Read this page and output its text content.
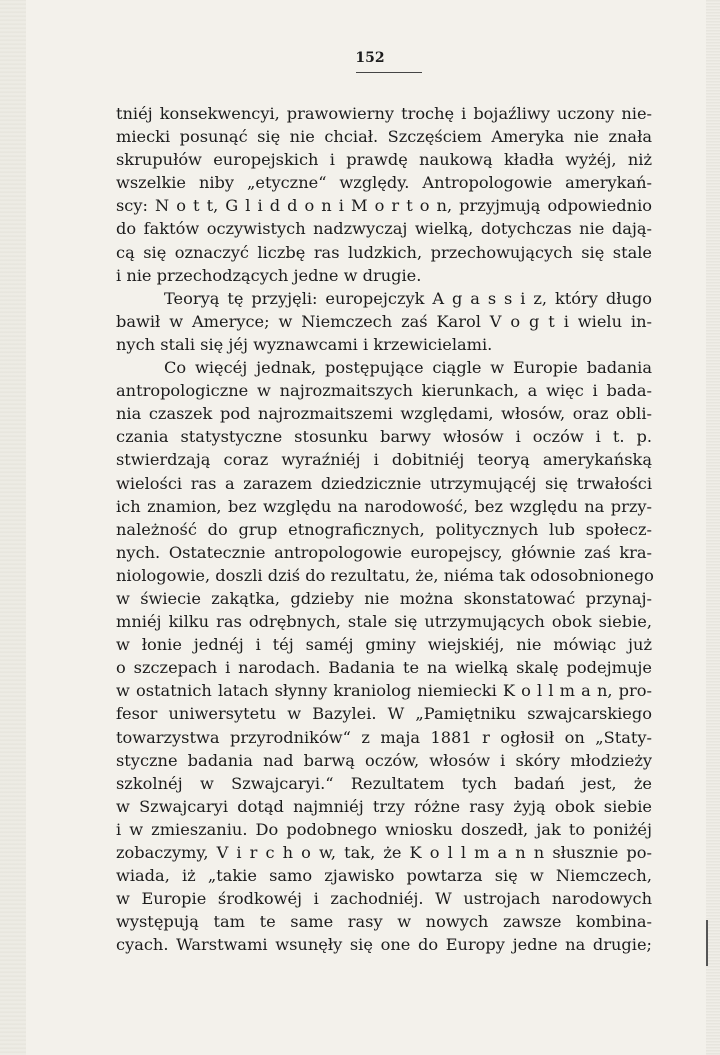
152
tniéj konsekwencyi, prawowierny trochę i bojaźliwy uczony nie-
miecki posunąć się nie chciał. Szczęściem Ameryka nie znała
skrupułów europejskich i prawdę naukową kładła wyżéj, niż
wszelkie niby „etyczne“ względy. Antropologowie amerykań-
scy: N o t t, G l i d d o n i M o r t o n, przyjmują odpowiednio
do faktów oczywistych nadzwyczaj wielką, dotychczas nie dają-
cą się oznaczyć liczbę ras ludzkich, przechowujących się stale
i nie przechodzących jedne w drugie.
Teoryą tę przyjęli: europejczyk A g a s s i z, który długo
bawił w Ameryce; w Niemczech zaś Karol V o g t i wielu in-
nych stali się jéj wyznawcami i krzewicielami.
Co więcéj jednak, postępujące ciągle w Europie badania
antropologiczne w najrozmaitszych kierunkach, a więc i bada-
nia czaszek pod najrozmaitszemi względami, włosów, oraz obli-
czania statystyczne stosunku barwy włosów i oczów i t. p.
stwierdzają coraz wyraźniéj i dobitniéj teoryą amerykańską
wielości ras a zarazem dziedzicznie utrzymującéj się trwałości
ich znamion, bez względu na narodowość, bez względu na przy-
należność do grup etnograficznych, politycznych lub społecz-
nych. Ostatecznie antropologowie europejscy, głównie zaś kra-
niologowie, doszli dziś do rezultatu, że, niéma tak odosobnionego
w świecie zakątka, gdzieby nie można skonstatować przynaj-
mniéj kilku ras odrębnych, stale się utrzymujących obok siebie,
w łonie jednéj i téj saméj gminy wiejskiéj, nie mówiąc już
o szczepach i narodach. Badania te na wielką skalę podejmuje
w ostatnich latach słynny kraniolog niemiecki K o l l m a n, pro-
fesor uniwersytetu w Bazylei. W „Pamiętniku szwajcarskiego
towarzystwa przyrodników“ z maja 1881 r ogłosił on „Staty-
styczne badania nad barwą oczów, włosów i skóry młodzieży
szkolnéj w Szwajcaryi.“ Rezultatem tych badań jest, że
w Szwajcaryi dotąd najmniéj trzy różne rasy żyją obok siebie
i w zmieszaniu. Do podobnego wniosku doszedł, jak to poniżéj
zobaczymy, V i r c h o w, tak, że K o l l m a n n słusznie po-
wiada, iż „takie samo zjawisko powtarza się w Niemczech,
w Europie środkowéj i zachodniéj. W ustrojach narodowych
występują tam te same rasy w nowych zawsze kombina-
cyach. Warstwami wsunęły się one do Europy jedne na drugie;
